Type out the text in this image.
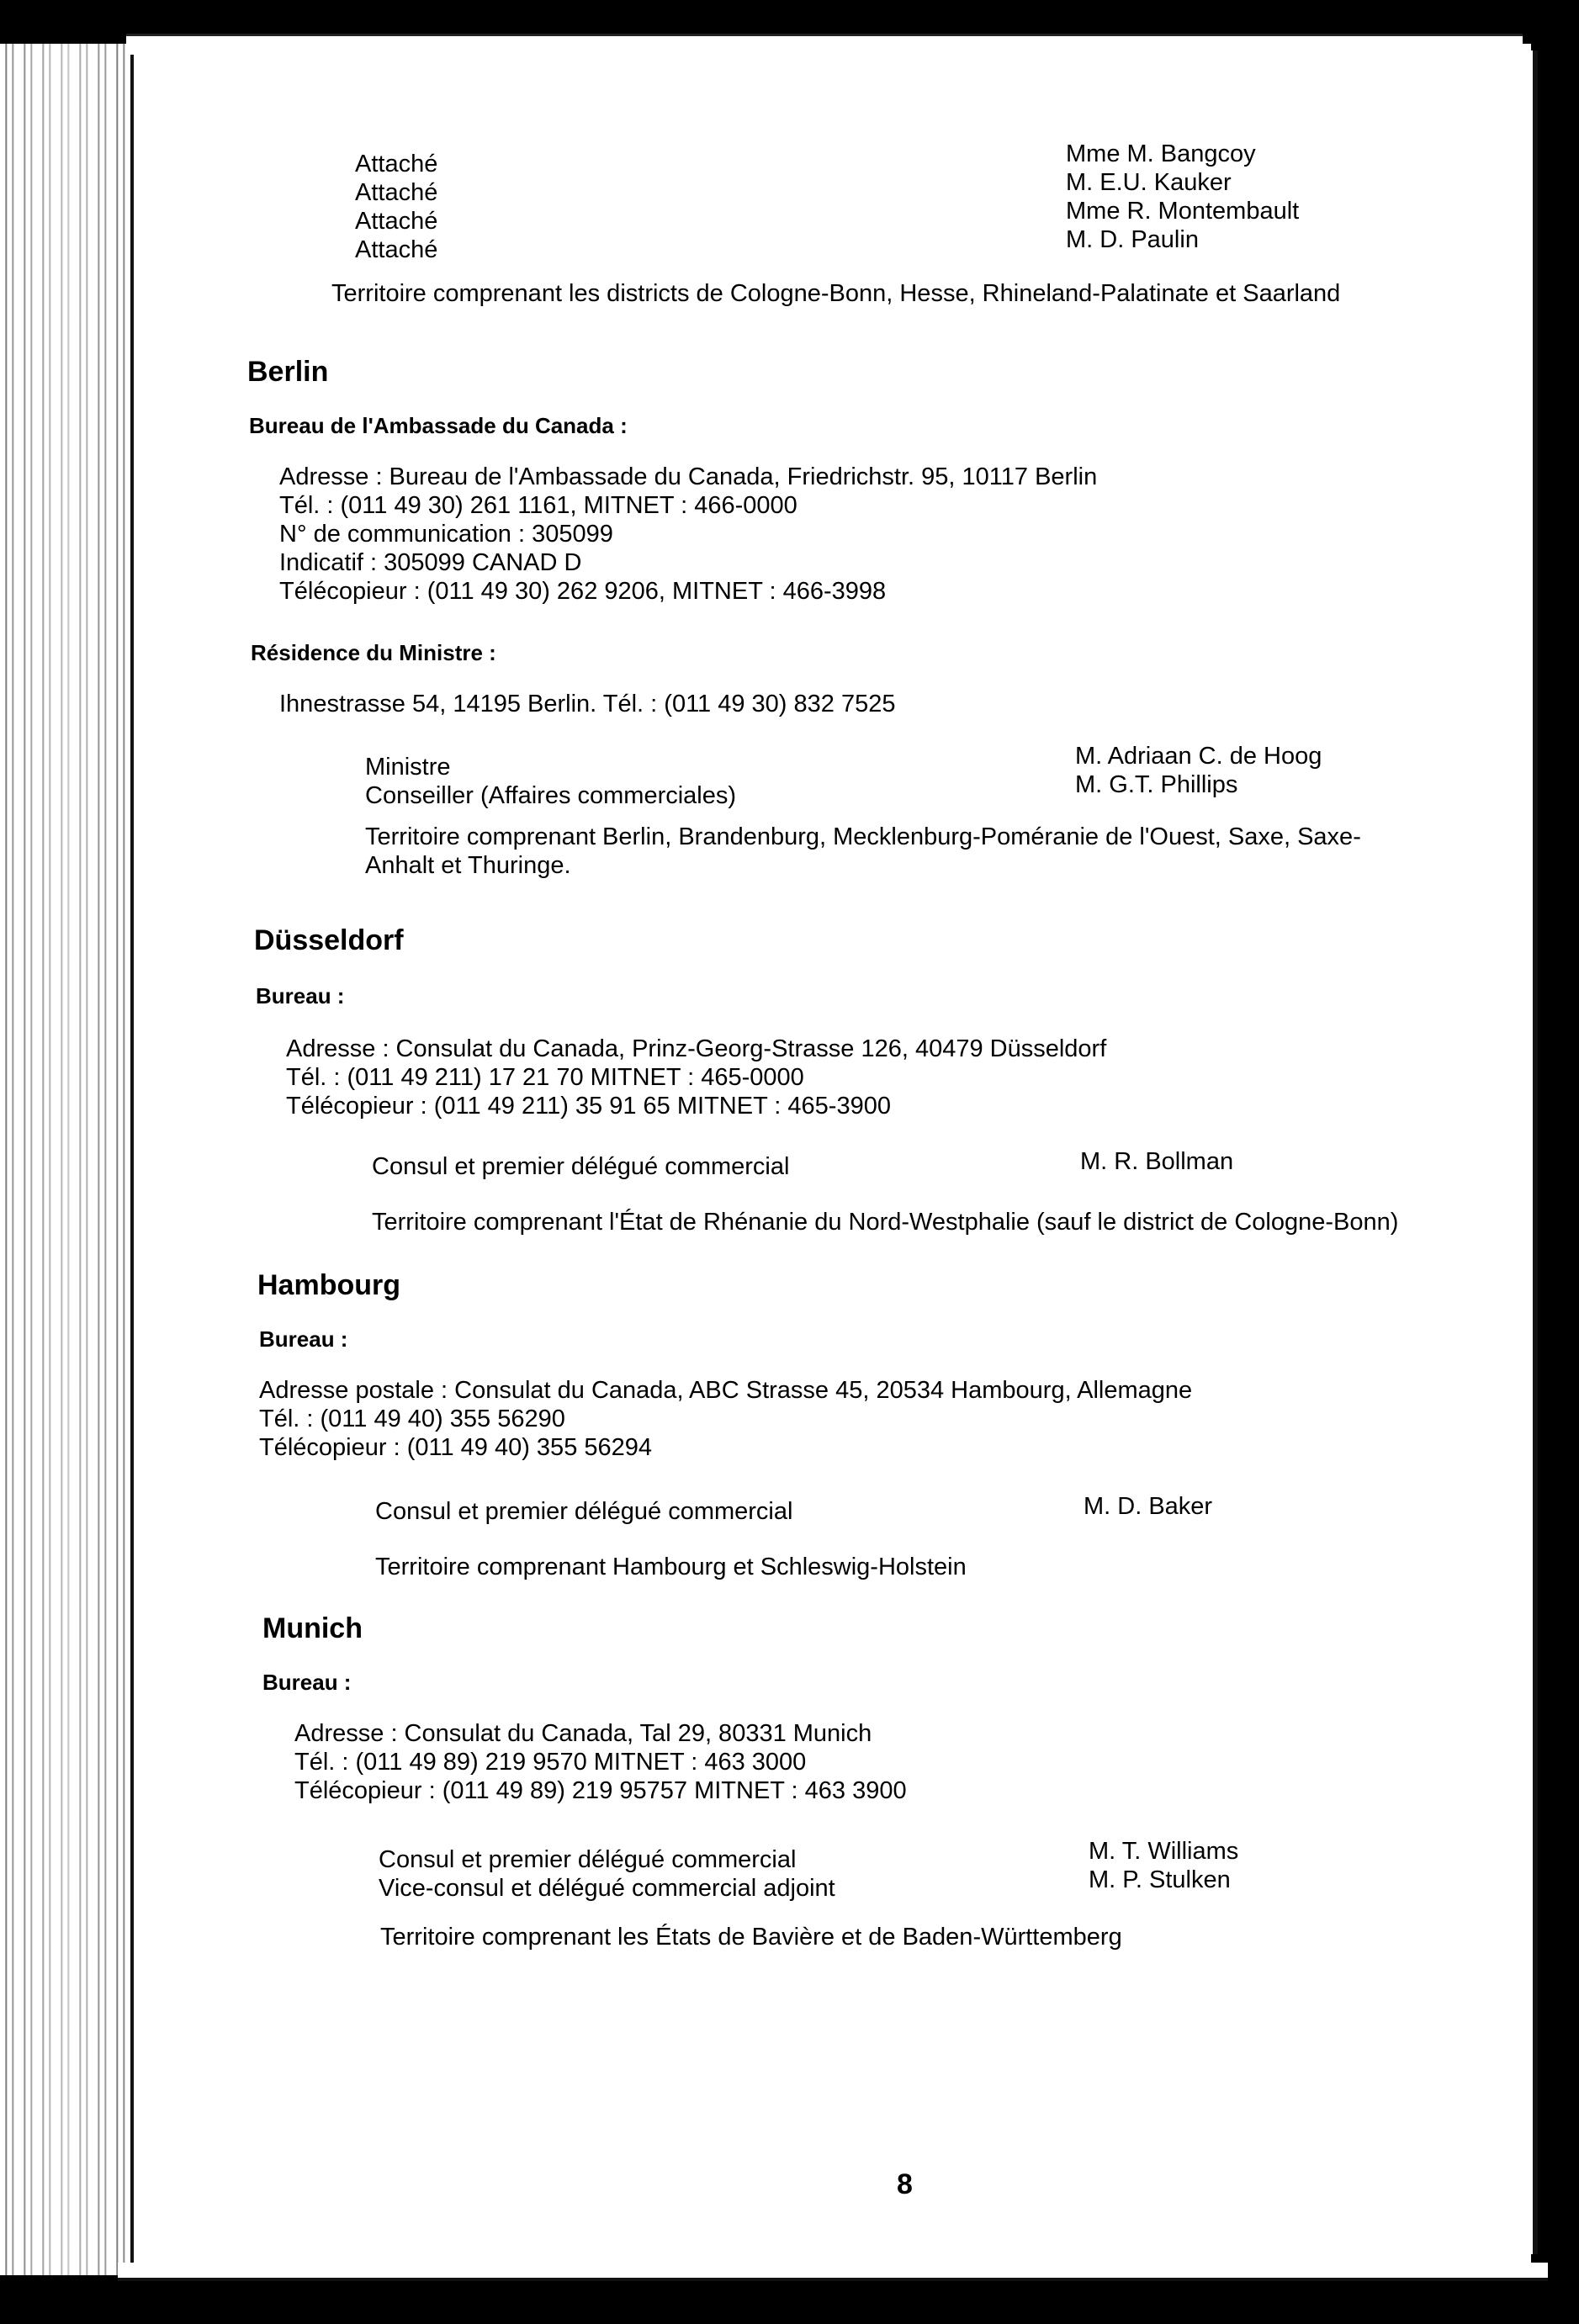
Attaché
Attaché
Attaché
Attaché
Mme M. Bangcoy
M. E.U. Kauker
Mme R. Montembault
M. D. Paulin
Territoire comprenant les districts de Cologne-Bonn, Hesse, Rhineland-Palatinate et Saarland
Berlin
Bureau de l'Ambassade du Canada :
Adresse : Bureau de l'Ambassade du Canada, Friedrichstr. 95, 10117 Berlin
Tél. : (011 49 30) 261 1161, MITNET : 466-0000
N° de communication : 305099
Indicatif : 305099 CANAD D
Télécopieur : (011 49 30) 262 9206, MITNET : 466-3998
Résidence du Ministre :
Ihnestrasse 54, 14195 Berlin. Tél. : (011 49 30) 832 7525
Ministre
Conseiller (Affaires commerciales)
M. Adriaan C. de Hoog
M. G.T. Phillips
Territoire comprenant Berlin, Brandenburg, Mecklenburg-Poméranie de l'Ouest, Saxe, Saxe-
Anhalt et Thuringe.
Düsseldorf
Bureau :
Adresse : Consulat du Canada, Prinz-Georg-Strasse 126, 40479 Düsseldorf
Tél. : (011 49 211) 17 21 70 MITNET : 465-0000
Télécopieur : (011 49 211) 35 91 65 MITNET : 465-3900
Consul et premier délégué commercial	M. R. Bollman
Territoire comprenant l'État de Rhénanie du Nord-Westphalie (sauf le district de Cologne-Bonn)
Hambourg
Bureau :
Adresse postale : Consulat du Canada, ABC Strasse 45, 20534 Hambourg, Allemagne
Tél. : (011 49 40) 355 56290
Télécopieur : (011 49 40) 355 56294
Consul et premier délégué commercial	M. D. Baker
Territoire comprenant Hambourg et Schleswig-Holstein
Munich
Bureau :
Adresse : Consulat du Canada, Tal 29, 80331 Munich
Tél. : (011 49 89) 219 9570 MITNET : 463 3000
Télécopieur : (011 49 89) 219 95757 MITNET : 463 3900
Consul et premier délégué commercial
Vice-consul et délégué commercial adjoint
M. T. Williams
M. P. Stulken
Territoire comprenant les États de Bavière et de Baden-Württemberg
8
